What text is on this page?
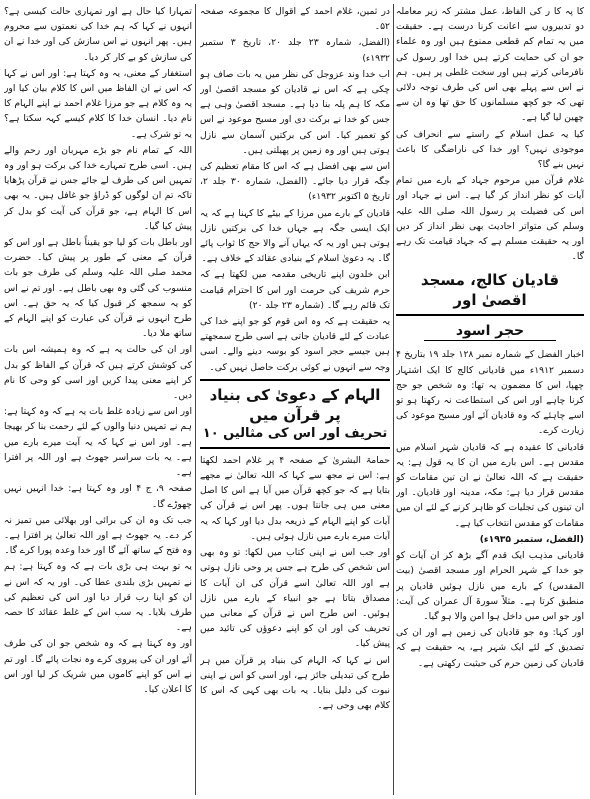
کا پہ کا ر کی الفاظ، عمل مشتر کہ زیر معاملہ دو تدبیروں سے اعانت کرنا درست ہے۔ حقیقت میں یہ تمام کم قطعی ممنوع ہیں اور وہ علماء جو ان کی حمایت کرتے ہیں خدا اور رسول کی نافرمانی کرتے ہیں اور سخت غلطی پر ہیں۔ ہم نے اس سے پہلے بھی اس کی طرف توجہ دلائی تھی کہ جو کچھ مسلمانوں کا حق تھا وہ ان سے چھین لیا گیا ہے۔

کیا یہ عمل اسلام کے راستے سے انحراف کی موجودی نہیں؟ اور خدا کی ناراضگی کا باعث نہیں بنے گا؟

غلام قرآن میں مرحوم جہاد کے بارے میں تمام آیات کو نظر انداز کر گیا ہے۔ اس نے جہاد اور اس کی فضیلت پر رسول اللہ صلی اللہ علیہ وسلم کی متواتر احادیث بھی نظر انداز کر دیں اور یہ حقیقت مسلم ہے کہ جہاد قیامت تک رہے گا۔

قادیان کالج، مسجد اقصیٰ اور
حجر اسود

اخبار الفضل کے شمارہ نمبر ۱۲۸ جلد ۱۹ بتاریخ ۴ دسمبر ۱۹۱۲ء میں قادیانی کالج کا ایک اشتہار چھپا، اس کا مضمون یہ تھا: وہ شخص جو حج کرنا چاہے اور اس کی استطاعت نہ رکھتا ہو تو اسے چاہئے کہ وہ قادیان آئے اور مسیح موعود کی زیارت کرے۔

قادیانی کا عقیدہ ہے کہ قادیان شہر اسلام میں مقدس ہے۔ اس بارے میں ان کا یہ قول ہے: یہ حقیقت ہے کہ اللہ تعالیٰ نے ان تین مقامات کو مقدس قرار دیا ہے: مکہ، مدینہ اور قادیان۔ اور ان تینوں کی تجلیات کو ظاہر کرنے کے لئے ان میں مقامات کو مقدس انتخاب کیا ہے۔

(الفضل، ستمبر ۱۹۳۵ء)

قادیانی مذہب ایک قدم آگے بڑھ کر ان آیات کو جو خدا کے شہر الحرام اور مسجد اقصیٰ (بیت المقدس) کے بارے میں نازل ہوئیں قادیان پر منطبق کرتا ہے۔ مثلاً سورۃ آل عمران کی آیت: اور جو اس میں داخل ہوا امن والا ہو گیا۔

اور کہا: وہ جو قادیان کی زمین ہے اور ان کی تصدیق کے لئے ایک شہر ہے، یہ حقیقت ہے کہ قادیان کی زمین حرم کی حیثیت رکھتی ہے۔

در ثمین، غلام احمد کے اقوال کا مجموعہ صفحہ ۵۲۔

(الفضل، شمارہ ۲۳ جلد ۲۰، تاریخ ۳ ستمبر ۱۹۳۲ء)

اب خدا وند عزوجل کی نظر میں یہ بات صاف ہو چکی ہے کہ اس نے قادیان کو مسجد اقصیٰ اور مکہ کا ہم پلہ بنا دیا ہے۔ مسجد اقصیٰ وہی ہے جس کو خدا نے برکت دی اور مسیح موعود نے اس کو تعمیر کیا۔ اس کی برکتیں آسمان سے نازل ہوتی ہیں اور وہ زمین پر پھیلتی ہیں۔

اس سے بھی افضل ہے کہ اس کا مقام تعظیم کی جگہ قرار دیا جائے۔ (الفضل، شمارہ ۳۰ جلد ۲، تاریخ ۵ اکتوبر ۱۹۳۲ء)

قادیان کے بارے میں مرزا کے بیٹے کا کہنا ہے کہ یہ ایک ایسی جگہ ہے جہاں خدا کی برکتیں نازل ہوتی ہیں اور یہ کہ یہاں آنے والا حج کا ثواب پائے گا۔ یہ دعویٰ اسلام کے بنیادی عقائد کے خلاف ہے۔

ابن خلدون اپنے تاریخی مقدمہ میں لکھتا ہے کہ حرم شریف کی حرمت اور اس کا احترام قیامت تک قائم رہے گا۔ (شمارہ ۲۳ جلد ۲۰)

یہ حقیقت ہے کہ وہ اس قوم کو جو اپنے خدا کی عبادت کے لئے قادیان جاتی ہے اسی طرح سمجھتے ہیں جیسے حجر اسود کو بوسہ دینے والے۔ اسی وجہ سے انہوں نے کوئی برکت حاصل نہیں کی۔

الہام کے دعویٰ کی بنیاد پر قرآن میں
تحریف اور اس کی مثالیں ۱۰

حمامۃ البشریٰ کے صفحہ ۴ پر غلام احمد لکھتا ہے: اس نے مجھ سے کہا کہ اللہ تعالیٰ نے مجھے بتایا ہے کہ جو کچھ قرآن میں آیا ہے اس کا اصل معنی میں ہی جانتا ہوں۔ پھر اس نے قرآن کی آیات کو اپنے الہام کے ذریعہ بدل دیا اور کہا کہ یہ آیات میرے بارے میں نازل ہوئی ہیں۔

اور جب اس نے اپنی کتاب میں لکھا: تو وہ بھی اس شخص کی طرح ہے جس پر وحی نازل ہوتی ہے اور اللہ تعالیٰ اسے قرآن کی ان آیات کا مصداق بتاتا ہے جو انبیاء کے بارے میں نازل ہوئیں۔ اس طرح اس نے قرآن کے معانی میں تحریف کی اور ان کو اپنے دعوؤں کی تائید میں پیش کیا۔

اس نے کہا کہ الہام کی بنیاد پر قرآن میں ہر طرح کی تبدیلی جائز ہے، اور اسی کو اس نے اپنی نبوت کی دلیل بنایا۔ یہ بات بھی کہی کہ اس کا کلام بھی وحی ہے۔

تمہارا کیا حال ہے اور تمہاری حالت کیسی ہے؟ انہوں نے کہا کہ ہم خدا کی نعمتوں سے محروم ہیں۔ پھر انہوں نے اس سازش کی اور خدا نے ان کی سازش کو بے کار کر دیا۔

استغفار کے معنی، یہ وہ کہتا ہے: اور اس نے کہا کہ اس نے ان الفاظ میں اس کا کلام بیان کیا اور یہ وہ کلام ہے جو مرزا غلام احمد نے اپنے الہام کا نام دیا۔ انسان خدا کا کلام کیسے کہہ سکتا ہے؟ یہ تو شرک ہے۔

اللہ کے تمام نام جو بڑے مہربان اور رحم والے ہیں۔ اسی طرح تمہارے خدا کی برکت ہو اور وہ تمہیں اس کی طرف لے جائے جس نے قرآن پڑھایا تاکہ تم ان لوگوں کو ڈراؤ جو غافل ہیں۔ یہ بھی اس کا الہام ہے، جو قرآن کی آیت کو بدل کر پیش کیا گیا۔

اور باطل بات کو لیا جو یقیناً باطل ہے اور اس کو قرآن کے معنی کے طور پر پیش کیا۔ حضرت محمد صلی اللہ علیہ وسلم کی طرف جو بات منسوب کی گئی وہ بھی باطل ہے۔ اور تم نے اس کو یہ سمجھ کر قبول کیا کہ یہ حق ہے۔ اس طرح انہوں نے قرآن کی عبارت کو اپنے الہام کے ساتھ ملا دیا۔

اور ان کی حالت یہ ہے کہ وہ ہمیشہ اس بات کی کوشش کرتے ہیں کہ قرآن کے الفاظ کو بدل کر اپنے معنی پیدا کریں اور اسی کو وحی کا نام دیں۔

اور اس سے زیادہ غلط بات یہ ہے کہ وہ کہتا ہے: ہم نے تمہیں دنیا والوں کے لئے رحمت بنا کر بھیجا ہے۔ اور اس نے کہا کہ یہ آیت میرے بارے میں ہے۔ یہ بات سراسر جھوٹ ہے اور اللہ پر افترا ہے۔

صفحہ ۹، ج ۴ اور وہ کہتا ہے: خدا انہیں نہیں چھوڑے گا۔

جب تک وہ ان کی برائی اور بھلائی میں تمیز نہ کر دے۔ یہ جھوٹ ہے اور اللہ تعالیٰ پر افترا ہے۔ وہ فتح کے ساتھ آئے گا اور خدا وعدہ پورا کرے گا۔

یہ تو بہت ہی بڑی بات ہے کہ وہ کہتا ہے: ہم نے تمہیں بڑی بلندی عطا کی۔ اور یہ کہ اس نے ان کو اپنا رب قرار دیا اور اس کی تعظیم کی طرف بلایا۔ یہ سب اس کے غلط عقائد کا حصہ ہے۔

اور وہ کہتا ہے کہ وہ شخص جو ان کی طرف آئے اور ان کی پیروی کرے وہ نجات پائے گا۔ اور تم نے اس کو اپنے کاموں میں شریک کر لیا اور اس کا اعلان کیا۔
